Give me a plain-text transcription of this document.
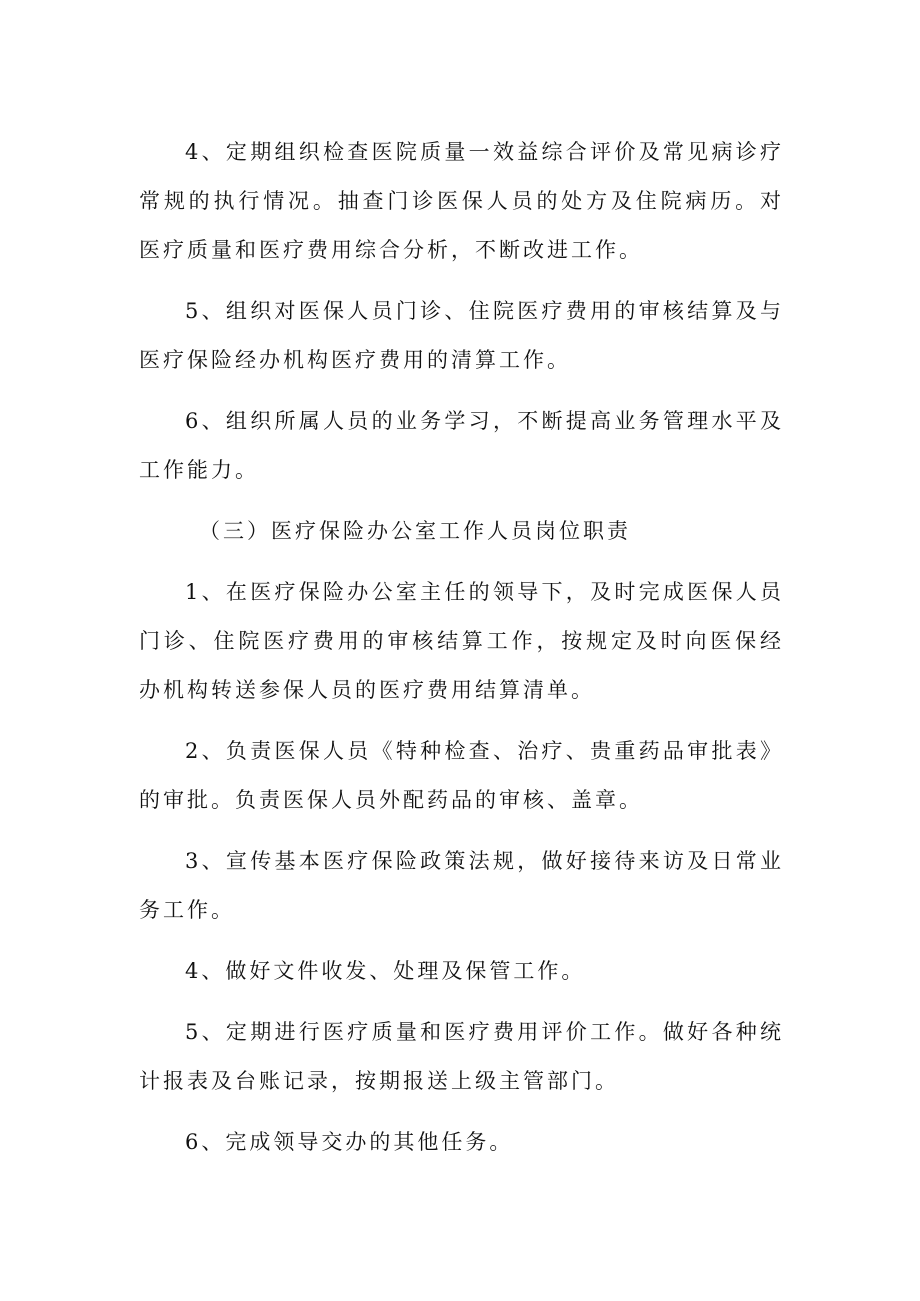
4、定期组织检查医院质量一效益综合评价及常见病诊疗常规的执行情况。抽查门诊医保人员的处方及住院病历。对医疗质量和医疗费用综合分析，不断改进工作。

5、组织对医保人员门诊、住院医疗费用的审核结算及与医疗保险经办机构医疗费用的清算工作。

6、组织所属人员的业务学习，不断提高业务管理水平及工作能力。

（三）医疗保险办公室工作人员岗位职责

1、在医疗保险办公室主任的领导下，及时完成医保人员门诊、住院医疗费用的审核结算工作，按规定及时向医保经办机构转送参保人员的医疗费用结算清单。

2、负责医保人员《特种检查、治疗、贵重药品审批表》的审批。负责医保人员外配药品的审核、盖章。

3、宣传基本医疗保险政策法规，做好接待来访及日常业务工作。

4、做好文件收发、处理及保管工作。

5、定期进行医疗质量和医疗费用评价工作。做好各种统计报表及台账记录，按期报送上级主管部门。

6、完成领导交办的其他任务。
